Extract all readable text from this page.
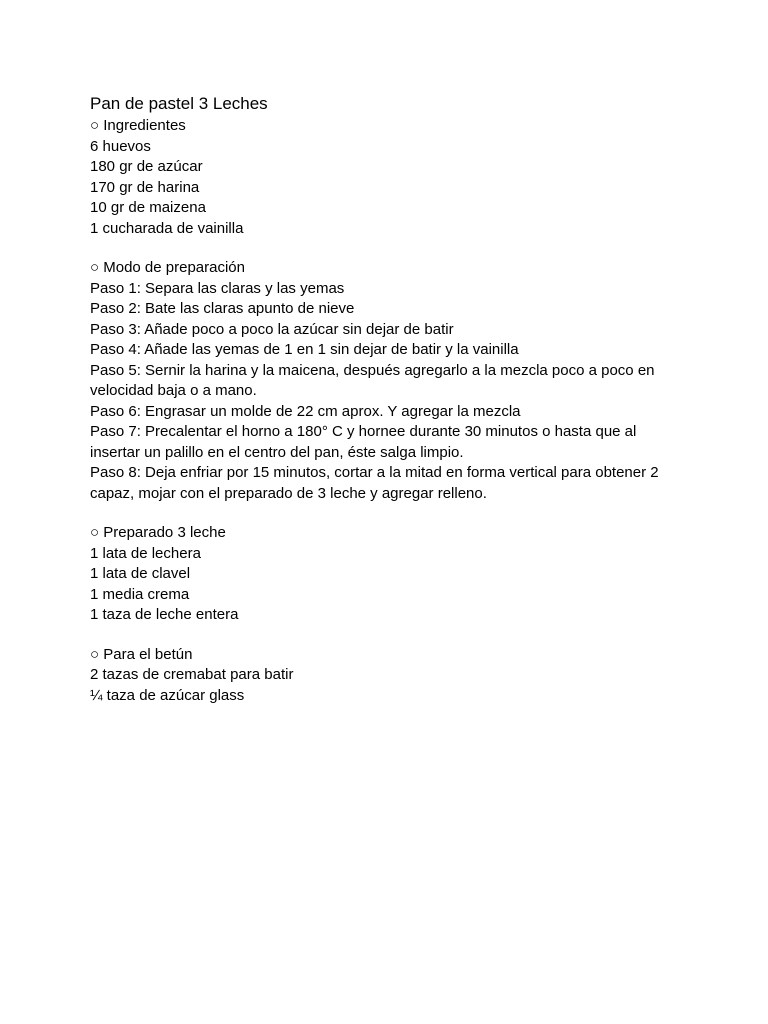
Pan de pastel 3 Leches
○ Ingredientes
6 huevos
180 gr de azúcar
170 gr de harina
10 gr de maizena
1 cucharada de vainilla
○ Modo de preparación
Paso 1: Separa las claras y las yemas
Paso 2: Bate las claras apunto de nieve
Paso 3: Añade poco a poco la azúcar sin dejar de batir
Paso 4: Añade las yemas de 1 en 1 sin dejar de batir y la vainilla
Paso 5: Sernir la harina y la maicena, después agregarlo a la mezcla poco a poco en velocidad baja o a mano.
Paso 6: Engrasar un molde de 22 cm aprox. Y agregar la mezcla
Paso 7: Precalentar el horno a 180° C y hornee durante 30 minutos o hasta que al insertar un palillo en el centro del pan, éste salga limpio.
Paso 8: Deja enfriar por 15 minutos, cortar a la mitad en forma vertical para obtener 2 capaz, mojar con el preparado de 3 leche y agregar relleno.
○ Preparado 3 leche
1 lata de lechera
1 lata de clavel
1 media crema
1 taza de leche entera
○ Para el betún
2 tazas de cremabat para batir
¼ taza de azúcar glass
